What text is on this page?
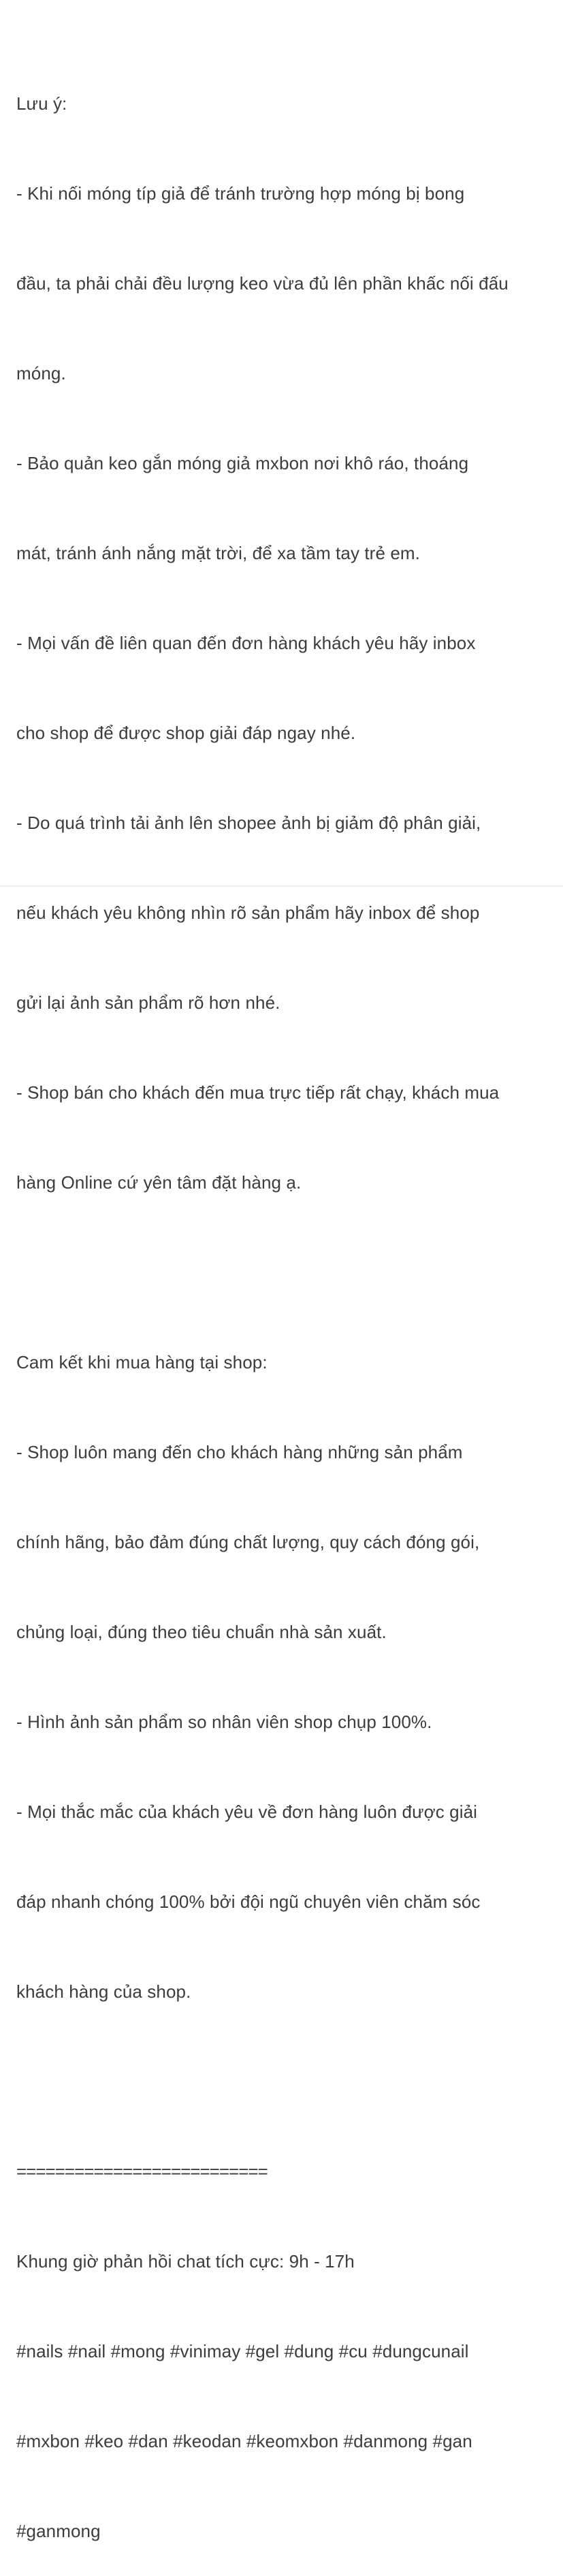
Lưu ý:

- Khi nối móng típ giả để tránh trường hợp móng bị bong

đầu, ta phải chải đều lượng keo vừa đủ lên phần khấc nối đấu

móng.

- Bảo quản keo gắn móng giả mxbon nơi khô ráo, thoáng

mát, tránh ánh nắng mặt trời, để xa tầm tay trẻ em.

- Mọi vấn đề liên quan đến đơn hàng khách yêu hãy inbox

cho shop để được shop giải đáp ngay nhé.

- Do quá trình tải ảnh lên shopee ảnh bị giảm độ phân giải,

nếu khách yêu không nhìn rõ sản phẩm hãy inbox để shop

gửi lại ảnh sản phẩm rõ hơn nhé.

- Shop bán cho khách đến mua trực tiếp rất chạy, khách mua

hàng Online cứ yên tâm đặt hàng ạ.

Cam kết khi mua hàng tại shop:

- Shop luôn mang đến cho khách hàng những sản phẩm

chính hãng, bảo đảm đúng chất lượng, quy cách đóng gói,

chủng loại, đúng theo tiêu chuẩn nhà sản xuất.

- Hình ảnh sản phẩm so nhân viên shop chụp 100%.

- Mọi thắc mắc của khách yêu về đơn hàng luôn được giải

đáp nhanh chóng 100% bởi đội ngũ chuyên viên chăm sóc

khách hàng của shop.

==========================

Khung giờ phản hồi chat tích cực: 9h - 17h

#nails #nail #mong #vinimay #gel #dung #cu #dungcunail

#mxbon #keo #dan #keodan #keomxbon #danmong #gan

#ganmong
